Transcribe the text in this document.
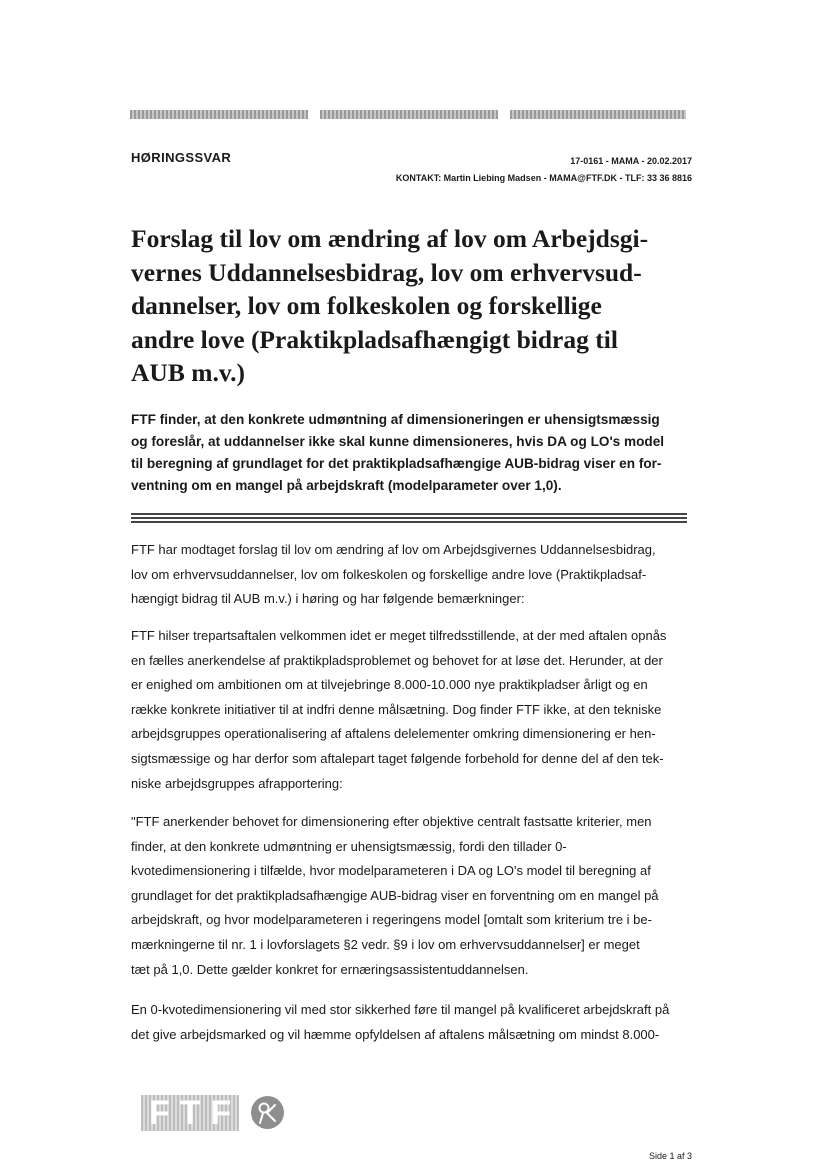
HØRINGSSVAR	17-0161 - MAMA - 20.02.2017
KONTAKT: Martin Liebing Madsen - MAMA@FTF.DK - TLF: 33 36 8816
Forslag til lov om ændring af lov om Arbejdsgi-
vernes Uddannelsesbidrag, lov om erhvervsud-
dannelser, lov om folkeskolen og forskellige
andre love (Praktikpladsafhængigt bidrag til
AUB m.v.)
FTF finder, at den konkrete udmøntning af dimensioneringen er uhensigtsmæssig
og foreslår, at uddannelser ikke skal kunne dimensioneres, hvis DA og LO's model
til beregning af grundlaget for det praktikpladsafhængige AUB-bidrag viser en for-
ventning om en mangel på arbejdskraft (modelparameter over 1,0).
FTF har modtaget forslag til lov om ændring af lov om Arbejdsgivernes Uddannelsesbidrag,
lov om erhvervsuddannelser, lov om folkeskolen og forskellige andre love (Praktikpladsaf-
hængigt bidrag til AUB m.v.) i høring og har følgende bemærkninger:
FTF hilser trepartsaftalen velkommen idet er meget tilfredsstillende, at der med aftalen opnås
en fælles anerkendelse af praktikpladsproblemet og behovet for at løse det. Herunder, at der
er enighed om ambitionen om at tilvejebringe 8.000-10.000 nye praktikpladser årligt og en
række konkrete initiativer til at indfri denne målsætning. Dog finder FTF ikke, at den tekniske
arbejdsgruppes operationalisering af aftalens delelementer omkring dimensionering er hen-
sigtsmæssige og har derfor som aftalepart taget følgende forbehold for denne del af den tek-
niske arbejdsgruppes afrapportering:
"FTF anerkender behovet for dimensionering efter objektive centralt fastsatte kriterier, men
finder, at den konkrete udmøntning er uhensigtsmæssig, fordi den tillader 0-
kvotedimensionering i tilfælde, hvor modelparameteren i DA og LO's model til beregning af
grundlaget for det praktikpladsafhængige AUB-bidrag viser en forventning om en mangel på
arbejdskraft, og hvor modelparameteren i regeringens model [omtalt som kriterium tre i be-
mærkningerne til nr. 1 i lovforslagets §2 vedr. §9 i lov om erhvervsuddannelser] er meget
tæt på 1,0. Dette gælder konkret for ernæringsassistentuddannelsen.
En 0-kvotedimensionering vil med stor sikkerhed føre til mangel på kvalificeret arbejdskraft på
det give arbejdsmarked og vil hæmme opfyldelsen af aftalens målsætning om mindst 8.000-
FTF
Side 1 af 3
